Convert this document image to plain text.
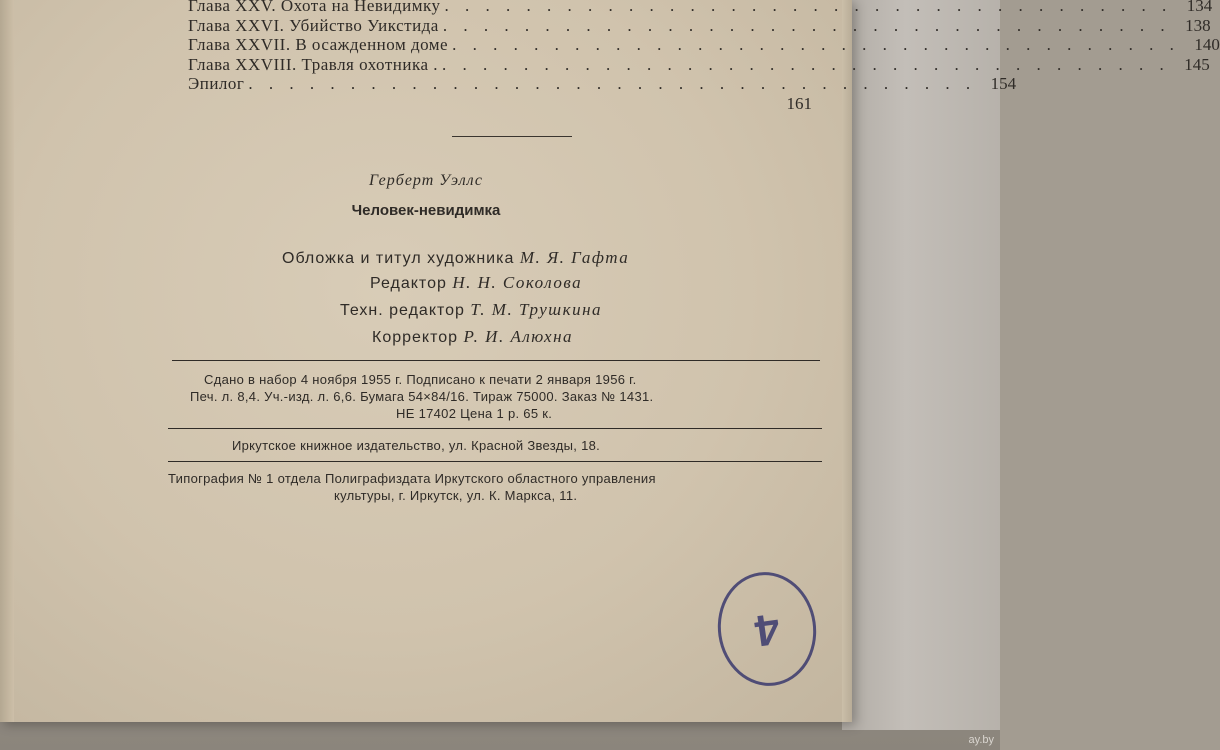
Глава XXV. Охота на Невидимку . . . . . . . . . . . . . . . . . . . . . . . . . . . . . . . . . . . . 134
Глава XXVI. Убийство Уикстида . . . . . . . . . . . . . . . . . . . . . . . . . . . . . . . . . . . . 138
Глава XXVII. В осажденном доме . . . . . . . . . . . . . . . . . . . . . . . . . . . . . . . . . . . . 140
Глава XXVIII. Травля охотника . . . . . . . . . . . . . . . . . . . . . . . . . . . . . . . . . . . . . 145
Эпилог . . . . . . . . . . . . . . . . . . . . . . . . . . . . . . . . . . . . 154
161
Герберт Уэллс
Человек-невидимка
Обложка и титул художника М. Я. Гафта
Редактор Н. Н. Соколова
Техн. редактор Т. М. Трушкина
Корректор Р. И. Алюхна
Сдано в набор 4 ноября 1955 г. Подписано к печати 2 января 1956 г.
Печ. л. 8,4. Уч.-изд. л. 6,6. Бумага 54×84/16. Тираж 75000. Заказ № 1431.
НЕ 17402 Цена 1 р. 65 к.
Иркутское книжное издательство, ул. Красной Звезды, 18.
Типография № 1 отдела Полиграфиздата Иркутского областного управления
культуры, г. Иркутск, ул. К. Маркса, 11.
4
ay.by
